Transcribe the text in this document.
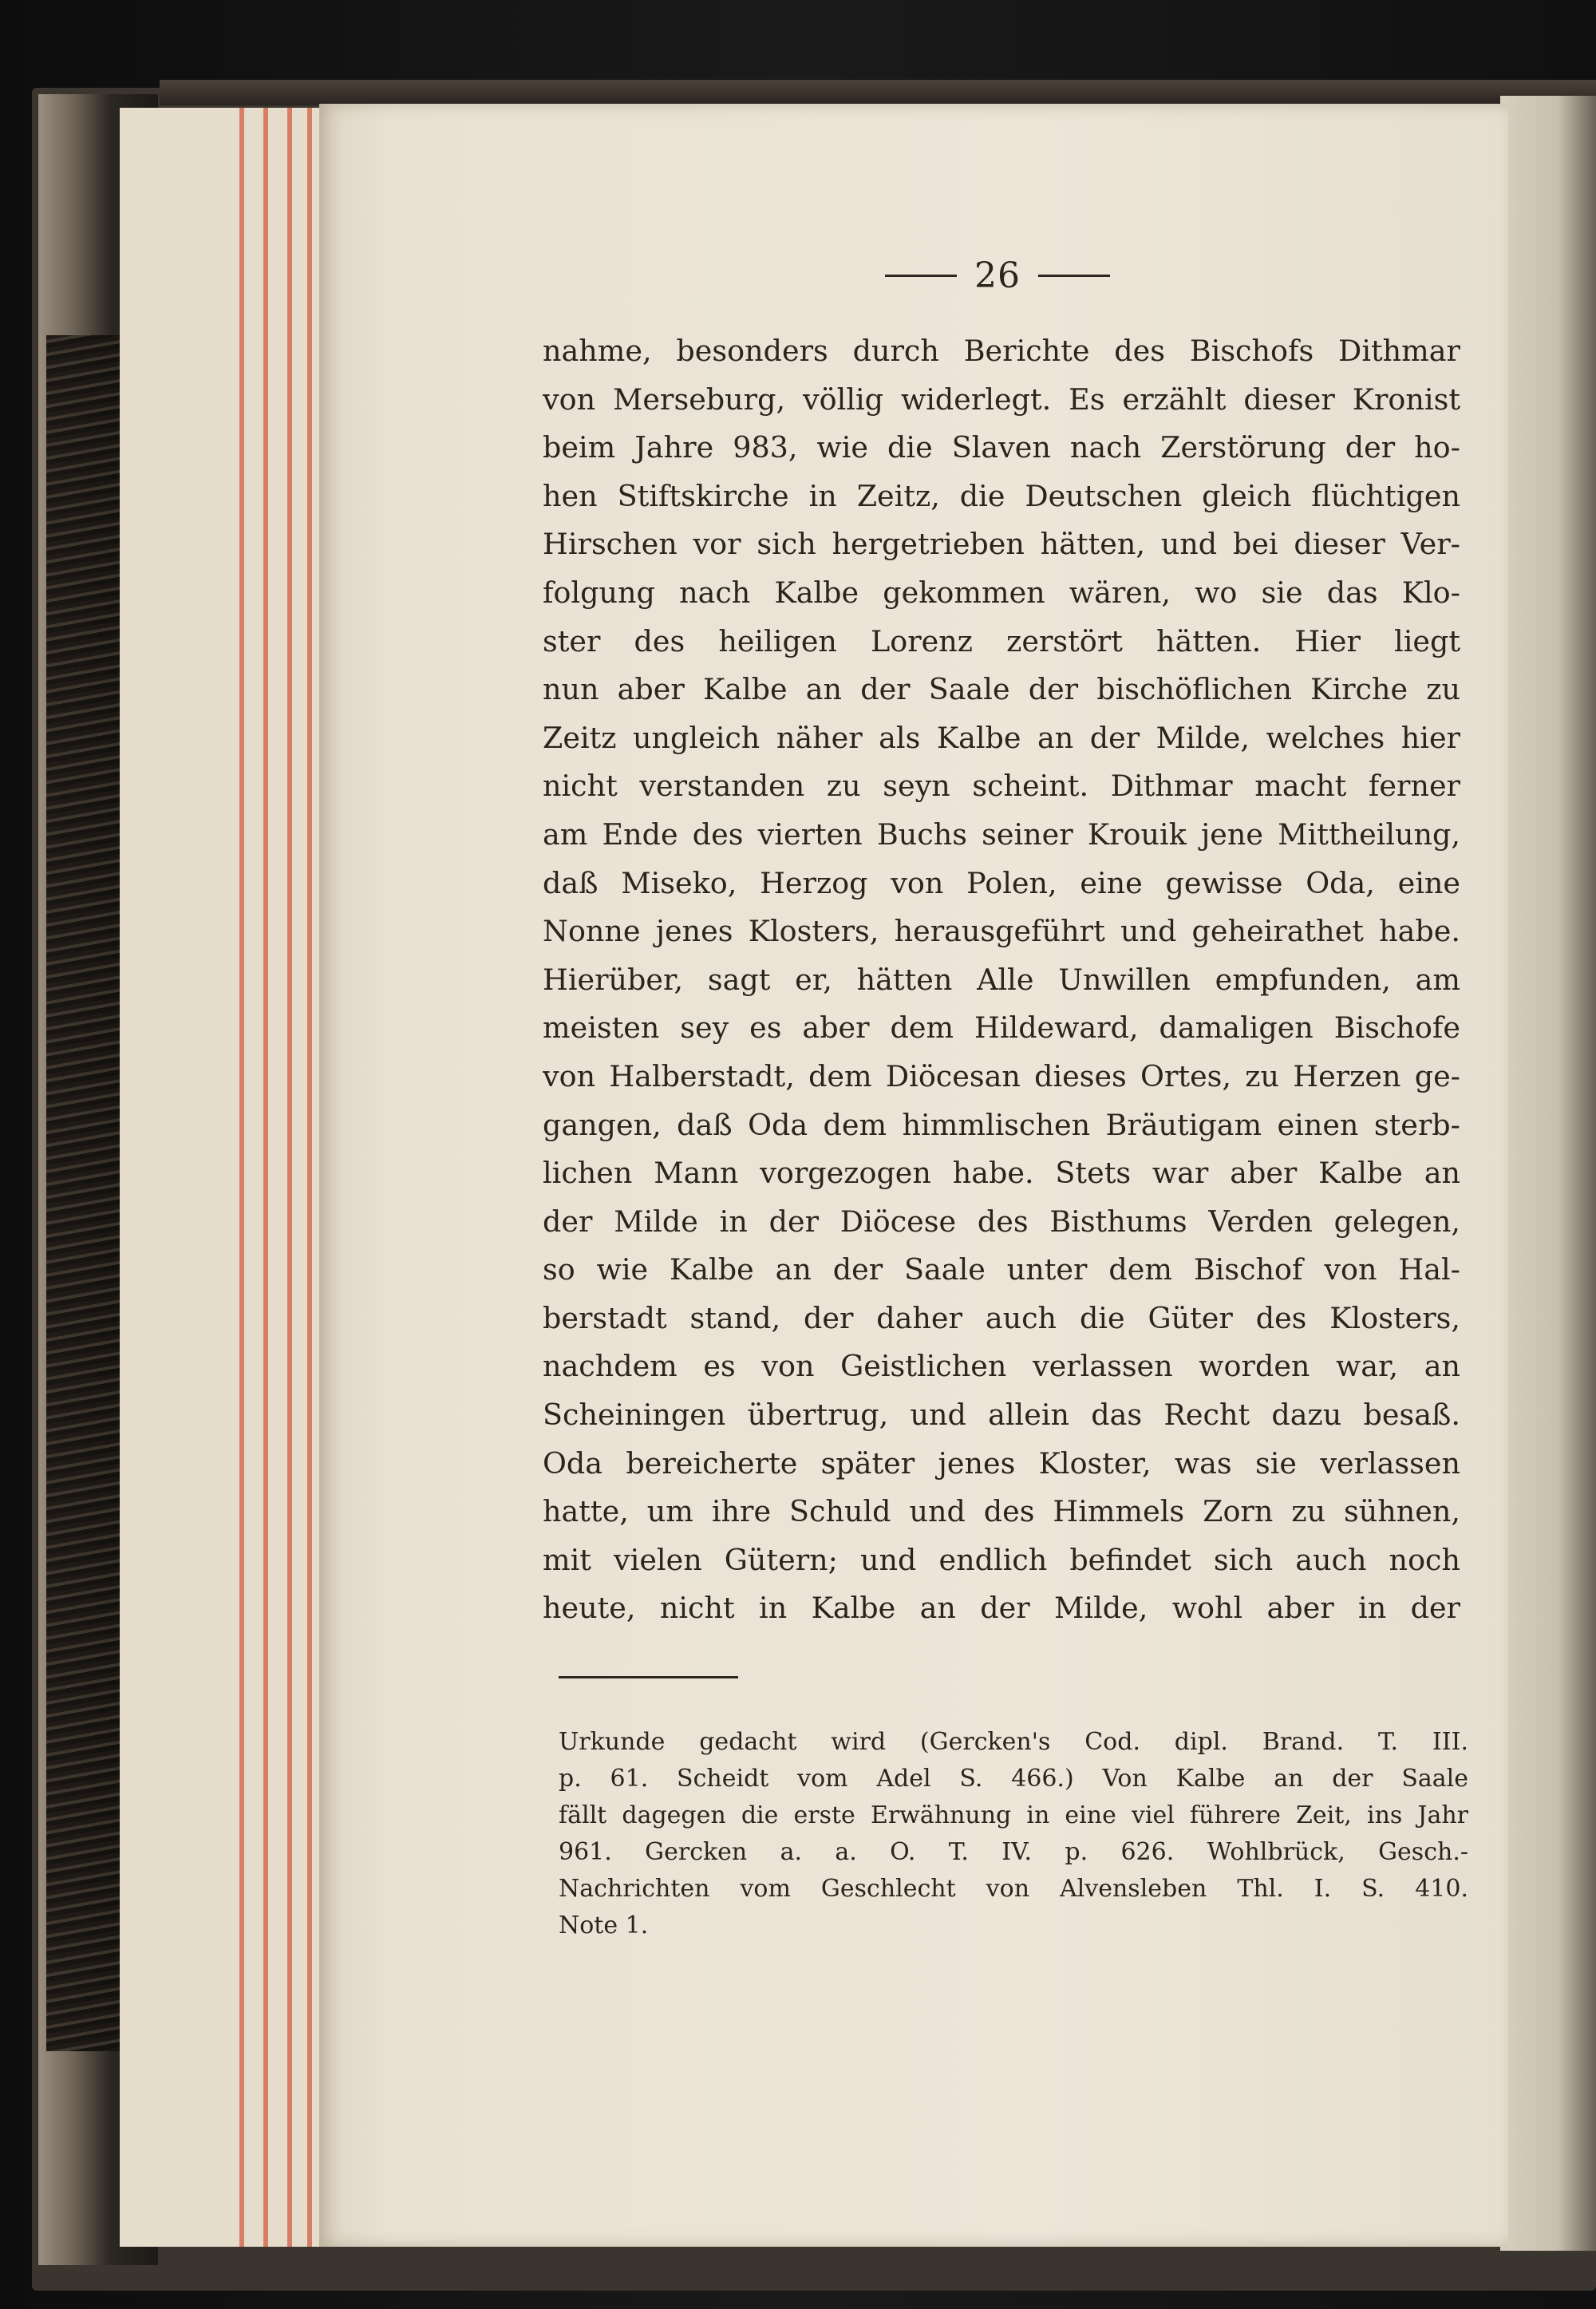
26
nahme, besonders durch Berichte des Bischofs Dithmar
von Merseburg, völlig widerlegt. Es erzählt dieser Kronist
beim Jahre 983, wie die Slaven nach Zerstörung der ho-
hen Stiftskirche in Zeitz, die Deutschen gleich flüchtigen
Hirschen vor sich hergetrieben hätten, und bei dieser Ver-
folgung nach Kalbe gekommen wären, wo sie das Klo-
ster des heiligen Lorenz zerstört hätten. Hier liegt
nun aber Kalbe an der Saale der bischöflichen Kirche zu
Zeitz ungleich näher als Kalbe an der Milde, welches hier
nicht verstanden zu seyn scheint. Dithmar macht ferner
am Ende des vierten Buchs seiner Krouik jene Mittheilung,
daß Miseko, Herzog von Polen, eine gewisse Oda, eine
Nonne jenes Klosters, herausgeführt und geheirathet habe.
Hierüber, sagt er, hätten Alle Unwillen empfunden, am
meisten sey es aber dem Hildeward, damaligen Bischofe
von Halberstadt, dem Diöcesan dieses Ortes, zu Herzen ge-
gangen, daß Oda dem himmlischen Bräutigam einen sterb-
lichen Mann vorgezogen habe. Stets war aber Kalbe an
der Milde in der Diöcese des Bisthums Verden gelegen,
so wie Kalbe an der Saale unter dem Bischof von Hal-
berstadt stand, der daher auch die Güter des Klosters,
nachdem es von Geistlichen verlassen worden war, an
Scheiningen übertrug, und allein das Recht dazu besaß.
Oda bereicherte später jenes Kloster, was sie verlassen
hatte, um ihre Schuld und des Himmels Zorn zu sühnen,
mit vielen Gütern; und endlich befindet sich auch noch
heute, nicht in Kalbe an der Milde, wohl aber in der
Urkunde gedacht wird (Gercken's Cod. dipl. Brand. T. III.
p. 61. Scheidt vom Adel S. 466.) Von Kalbe an der Saale
fällt dagegen die erste Erwähnung in eine viel führere Zeit, ins Jahr
961. Gercken a. a. O. T. IV. p. 626. Wohlbrück, Gesch.-
Nachrichten vom Geschlecht von Alvensleben Thl. I. S. 410.
Note 1.
